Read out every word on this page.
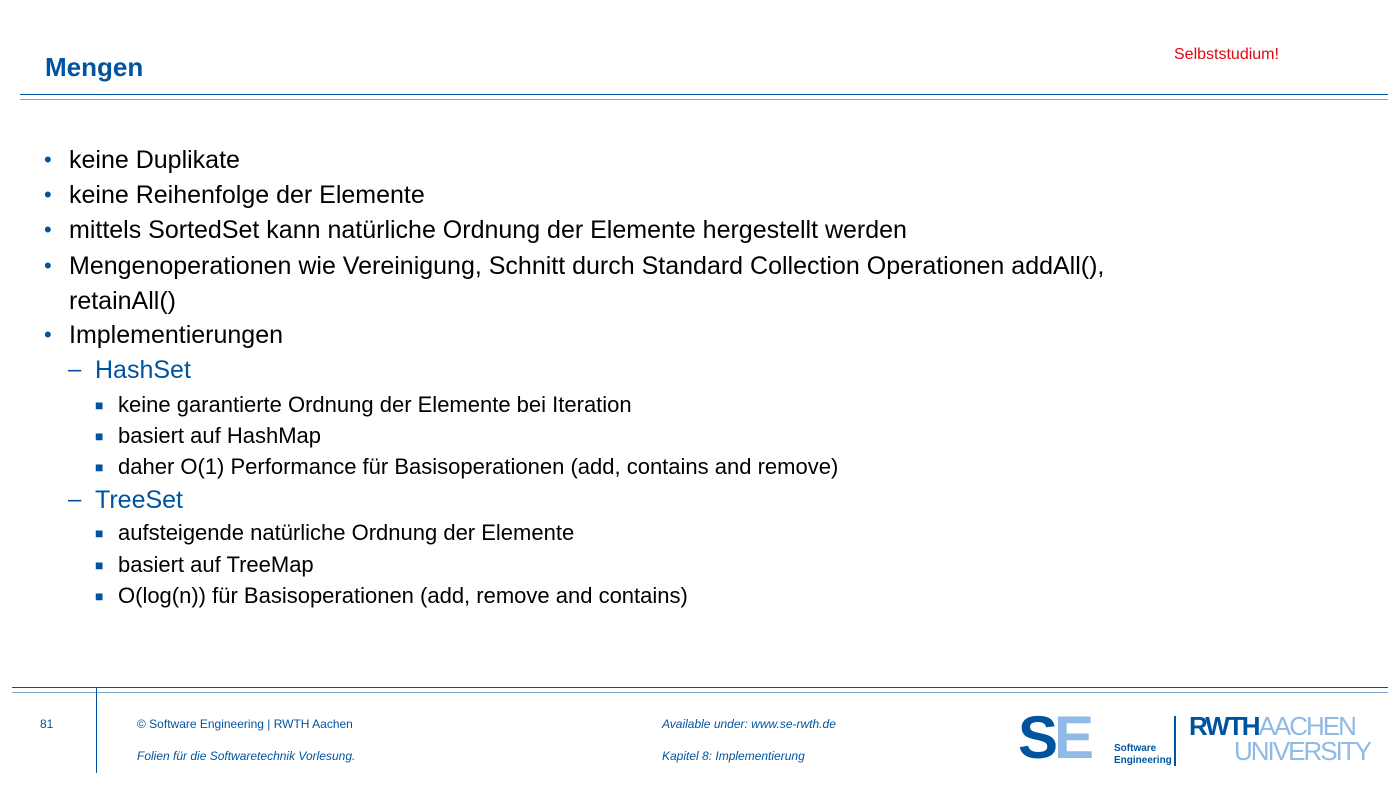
Mengen	Selbststudium!
• keine Duplikate
• keine Reihenfolge der Elemente
• mittels SortedSet kann natürliche Ordnung der Elemente hergestellt werden
• Mengenoperationen wie Vereinigung, Schnitt durch Standard Collection Operationen addAll(),
retainAll()
• Implementierungen
– HashSet
■ keine garantierte Ordnung der Elemente bei Iteration
■ basiert auf HashMap
■ daher O(1) Performance für Basisoperationen (add, contains and remove)
– TreeSet
■ aufsteigende natürliche Ordnung der Elemente
■ basiert auf TreeMap
■ O(log(n)) für Basisoperationen (add, remove and contains)
81	© Software Engineering | RWTH Aachen
Folien für die Softwaretechnik Vorlesung.
Available under: www.se-rwth.de
Kapitel 8: Implementierung	SE Software
Engineering
RWTHAACHEN
UNIVERSITY
